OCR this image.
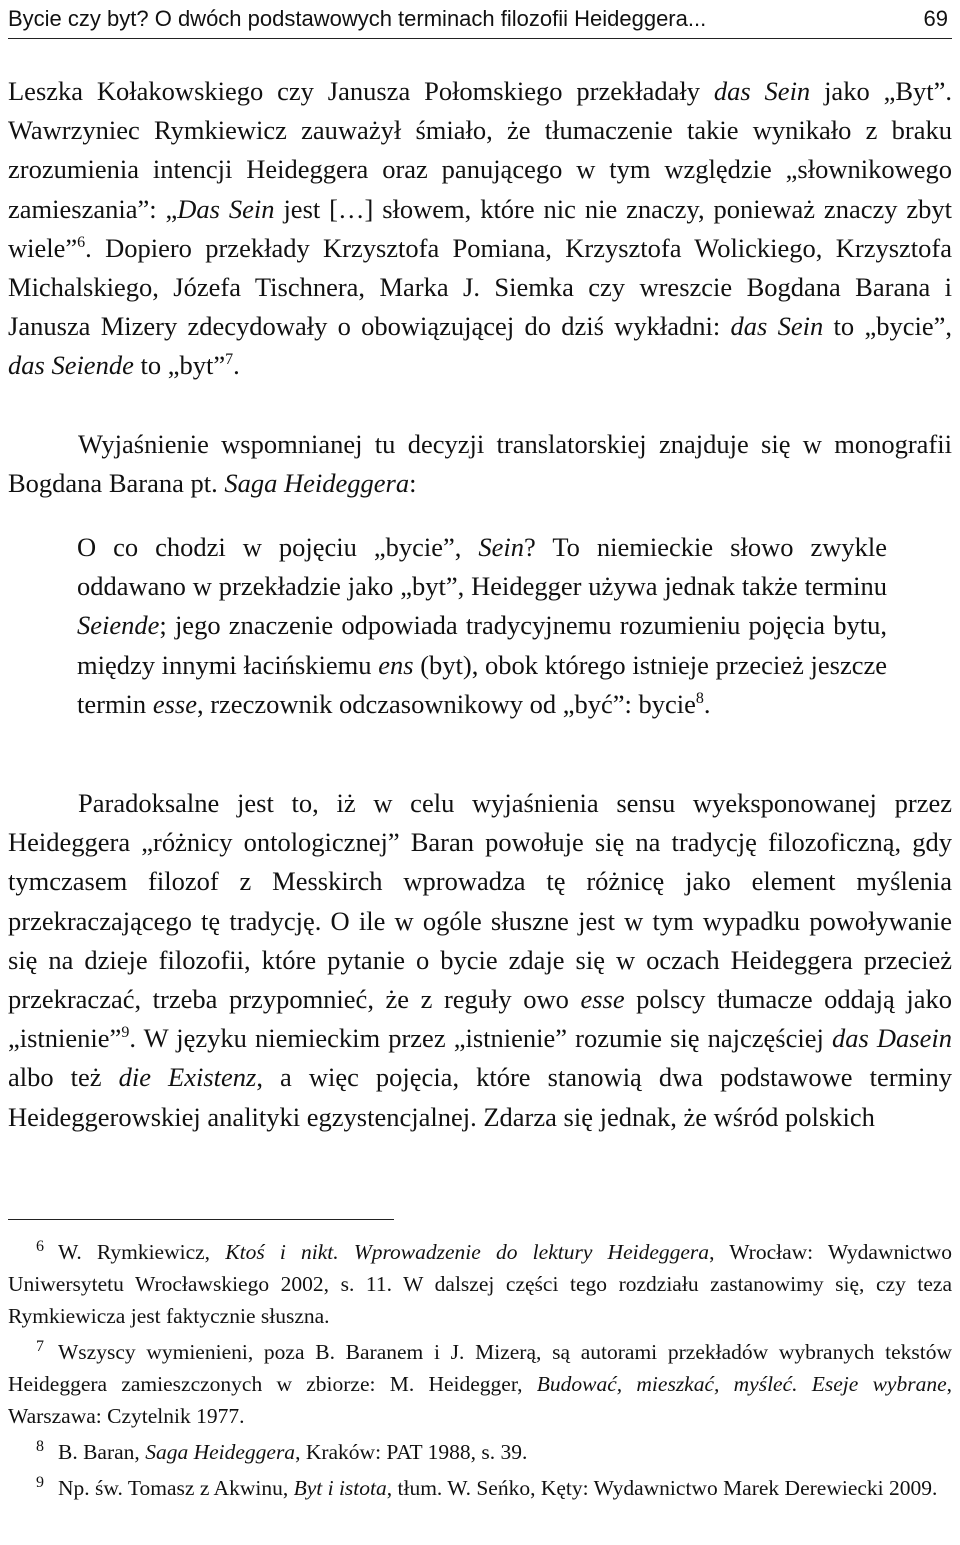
Bycie czy byt? O dwóch podstawowych terminach filozofii Heideggera...	69

Leszka Kołakowskiego czy Janusza Połomskiego przekładały das Sein jako „Byt”. Wawrzyniec Rymkiewicz zauważył śmiało, że tłumaczenie takie wynikało z braku zrozumienia intencji Heideggera oraz panującego w tym względzie „słownikowego zamieszania”: „Das Sein jest […] słowem, które nic nie znaczy, ponieważ znaczy zbyt wiele”$^6$. Dopiero przekłady Krzysztofa Pomiana, Krzysztofa Wolickiego, Krzysztofa Michalskiego, Józefa Tischnera, Marka J. Siemka czy wreszcie Bogdana Barana i Janusza Mizery zdecydowały o obowiązującej do dziś wykładni: das Sein to „bycie”, das Seiende to „byt”$^7$.

Wyjaśnienie wspomnianej tu decyzji translatorskiej znajduje się w monografii Bogdana Barana pt. Saga Heideggera:

O co chodzi w pojęciu „bycie”, Sein? To niemieckie słowo zwykle oddawano w przekładzie jako „byt”, Heidegger używa jednak także terminu Seiende; jego znaczenie odpowiada tradycyjnemu rozumieniu pojęcia bytu, między innymi łacińskiemu ens (byt), obok którego istnieje przecież jeszcze termin esse, rzeczownik odczasownikowy od „być”: bycie$^8$.

Paradoksalne jest to, iż w celu wyjaśnienia sensu wyeksponowanej przez Heideggera „różnicy ontologicznej” Baran powołuje się na tradycję filozoficzną, gdy tymczasem filozof z Messkirch wprowadza tę różnicę jako element myślenia przekraczającego tę tradycję. O ile w ogóle słuszne jest w tym wypadku powoływanie się na dzieje filozofii, które pytanie o bycie zdaje się w oczach Heideggera przecież przekraczać, trzeba przypomnieć, że z reguły owo esse polscy tłumacze oddają jako „istnienie”$^9$. W języku niemieckim przez „istnienie” rozumie się najczęściej das Dasein albo też die Existenz, a więc pojęcia, które stanowią dwa podstawowe terminy Heideggerowskiej analityki egzystencjalnej. Zdarza się jednak, że wśród polskich

$^6$ W. Rymkiewicz, Ktoś i nikt. Wprowadzenie do lektury Heideggera, Wrocław: Wydawnictwo Uniwersytetu Wrocławskiego 2002, s. 11. W dalszej części tego rozdziału zastanowimy się, czy teza Rymkiewicza jest faktycznie słuszna.

$^7$ Wszyscy wymienieni, poza B. Baranem i J. Mizerą, są autorami przekładów wybranych tekstów Heideggera zamieszczonych w zbiorze: M. Heidegger, Budować, mieszkać, myśleć. Eseje wybrane, Warszawa: Czytelnik 1977.

$^8$ B. Baran, Saga Heideggera, Kraków: PAT 1988, s. 39.

$^9$ Np. św. Tomasz z Akwinu, Byt i istota, tłum. W. Seńko, Kęty: Wydawnictwo Marek Derewiecki 2009.
